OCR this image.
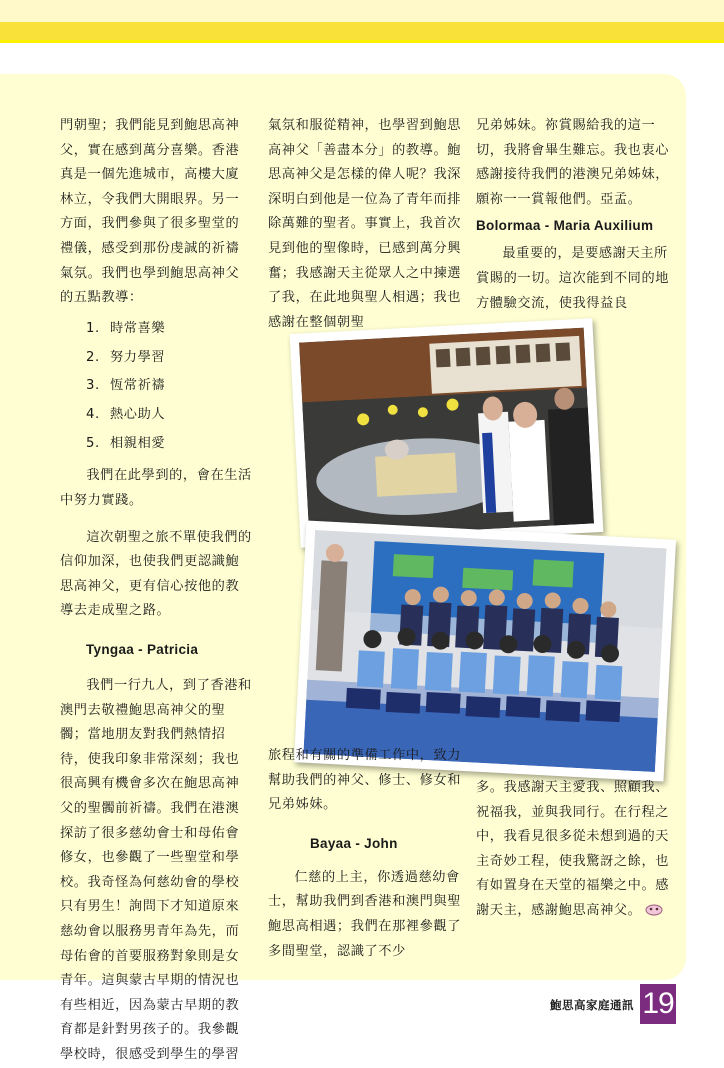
門朝聖；我們能見到鮑思高神父，實在感到萬分喜樂。香港真是一個先進城市，高樓大廈林立，令我們大開眼界。另一方面，我們參與了很多聖堂的禮儀，感受到那份虔誠的祈禱氣氛。我們也學到鮑思高神父的五點教導：

1. 時常喜樂
2. 努力學習
3. 恆常祈禱
4. 熱心助人
5. 相親相愛

我們在此學到的，會在生活中努力實踐。

這次朝聖之旅不單使我們的信仰加深，也使我們更認識鮑思高神父，更有信心按他的教導去走成聖之路。

Tyngaa - Patricia

我們一行九人，到了香港和澳門去敬禮鮑思高神父的聖髑；當地朋友對我們熱情招待，使我印象非常深刻；我也很高興有機會多次在鮑思高神父的聖髑前祈禱。我們在港澳探訪了很多慈幼會士和母佑會修女，也參觀了一些聖堂和學校。我奇怪為何慈幼會的學校只有男生！詢問下才知道原來慈幼會以服務男青年為先，而母佑會的首要服務對象則是女青年。這與蒙古早期的情況也有些相近，因為蒙古早期的教育都是針對男孩子的。我參觀學校時，很感受到學生的學習

氣氛和服從精神，也學習到鮑思高神父「善盡本分」的教導。鮑思高神父是怎樣的偉人呢？我深深明白到他是一位為了青年而排除萬難的聖者。事實上，我首次見到他的聖像時，已感到萬分興奮；我感謝天主從眾人之中揀選了我，在此地與聖人相遇；我也感謝在整個朝聖

兄弟姊妹。祢賞賜給我的這一切，我將會畢生難忘。我也衷心感謝接待我們的港澳兄弟姊妹，願祢一一賞報他們。亞孟。

Bolormaa - Maria Auxilium

最重要的，是要感謝天主所賞賜的一切。這次能到不同的地方體驗交流，使我得益良

旅程和有關的準備工作中，致力幫助我們的神父、修士、修女和兄弟姊妹。

Bayaa - John

仁慈的上主，你透過慈幼會士，幫助我們到香港和澳門與聖鮑思高相遇；我們在那裡參觀了多間聖堂，認識了不少

多。我感謝天主愛我、照顧我、祝福我，並與我同行。在行程之中，我看見很多從未想到過的天主奇妙工程，使我驚訝之餘，也有如置身在天堂的福樂之中。感謝天主，感謝鮑思高神父。

鮑思高家庭通訊 19
